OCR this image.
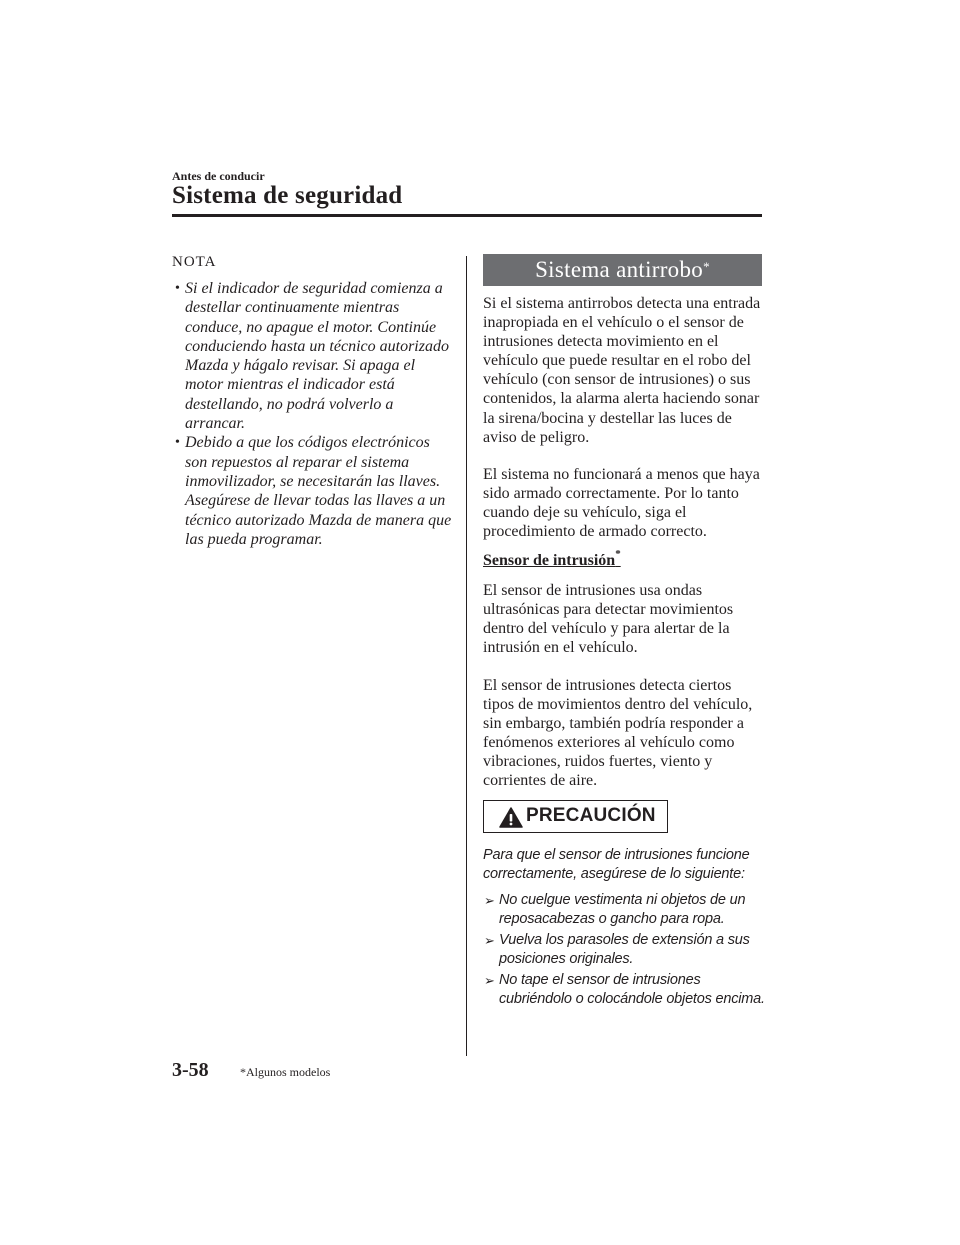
Antes de conducir
Sistema de seguridad
NOTA
• Si el indicador de seguridad comienza a destellar continuamente mientras conduce, no apague el motor. Continúe conduciendo hasta un técnico autorizado Mazda y hágalo revisar. Si apaga el motor mientras el indicador está destellando, no podrá volverlo a arrancar.
• Debido a que los códigos electrónicos son repuestos al reparar el sistema inmovilizador, se necesitarán las llaves. Asegúrese de llevar todas las llaves a un técnico autorizado Mazda de manera que las pueda programar.
Sistema antirrobo*

Si el sistema antirrobos detecta una entrada inapropiada en el vehículo o el sensor de intrusiones detecta movimiento en el vehículo que puede resultar en el robo del vehículo (con sensor de intrusiones) o sus contenidos, la alarma alerta haciendo sonar la sirena/bocina y destellar las luces de aviso de peligro.

El sistema no funcionará a menos que haya sido armado correctamente. Por lo tanto cuando deje su vehículo, siga el procedimiento de armado correcto.

Sensor de intrusión*

El sensor de intrusiones usa ondas ultrasónicas para detectar movimientos dentro del vehículo y para alertar de la intrusión en el vehículo.

El sensor de intrusiones detecta ciertos tipos de movimientos dentro del vehículo, sin embargo, también podría responder a fenómenos exteriores al vehículo como vibraciones, ruidos fuertes, viento y corrientes de aire.

PRECAUCIÓN
Para que el sensor de intrusiones funcione correctamente, asegúrese de lo siguiente:
➢ No cuelgue vestimenta ni objetos de un reposacabezas o gancho para ropa.
➢ Vuelva los parasoles de extensión a sus posiciones originales.
➢ No tape el sensor de intrusiones cubriéndolo o colocándole objetos encima.
3-58	*Algunos modelos
